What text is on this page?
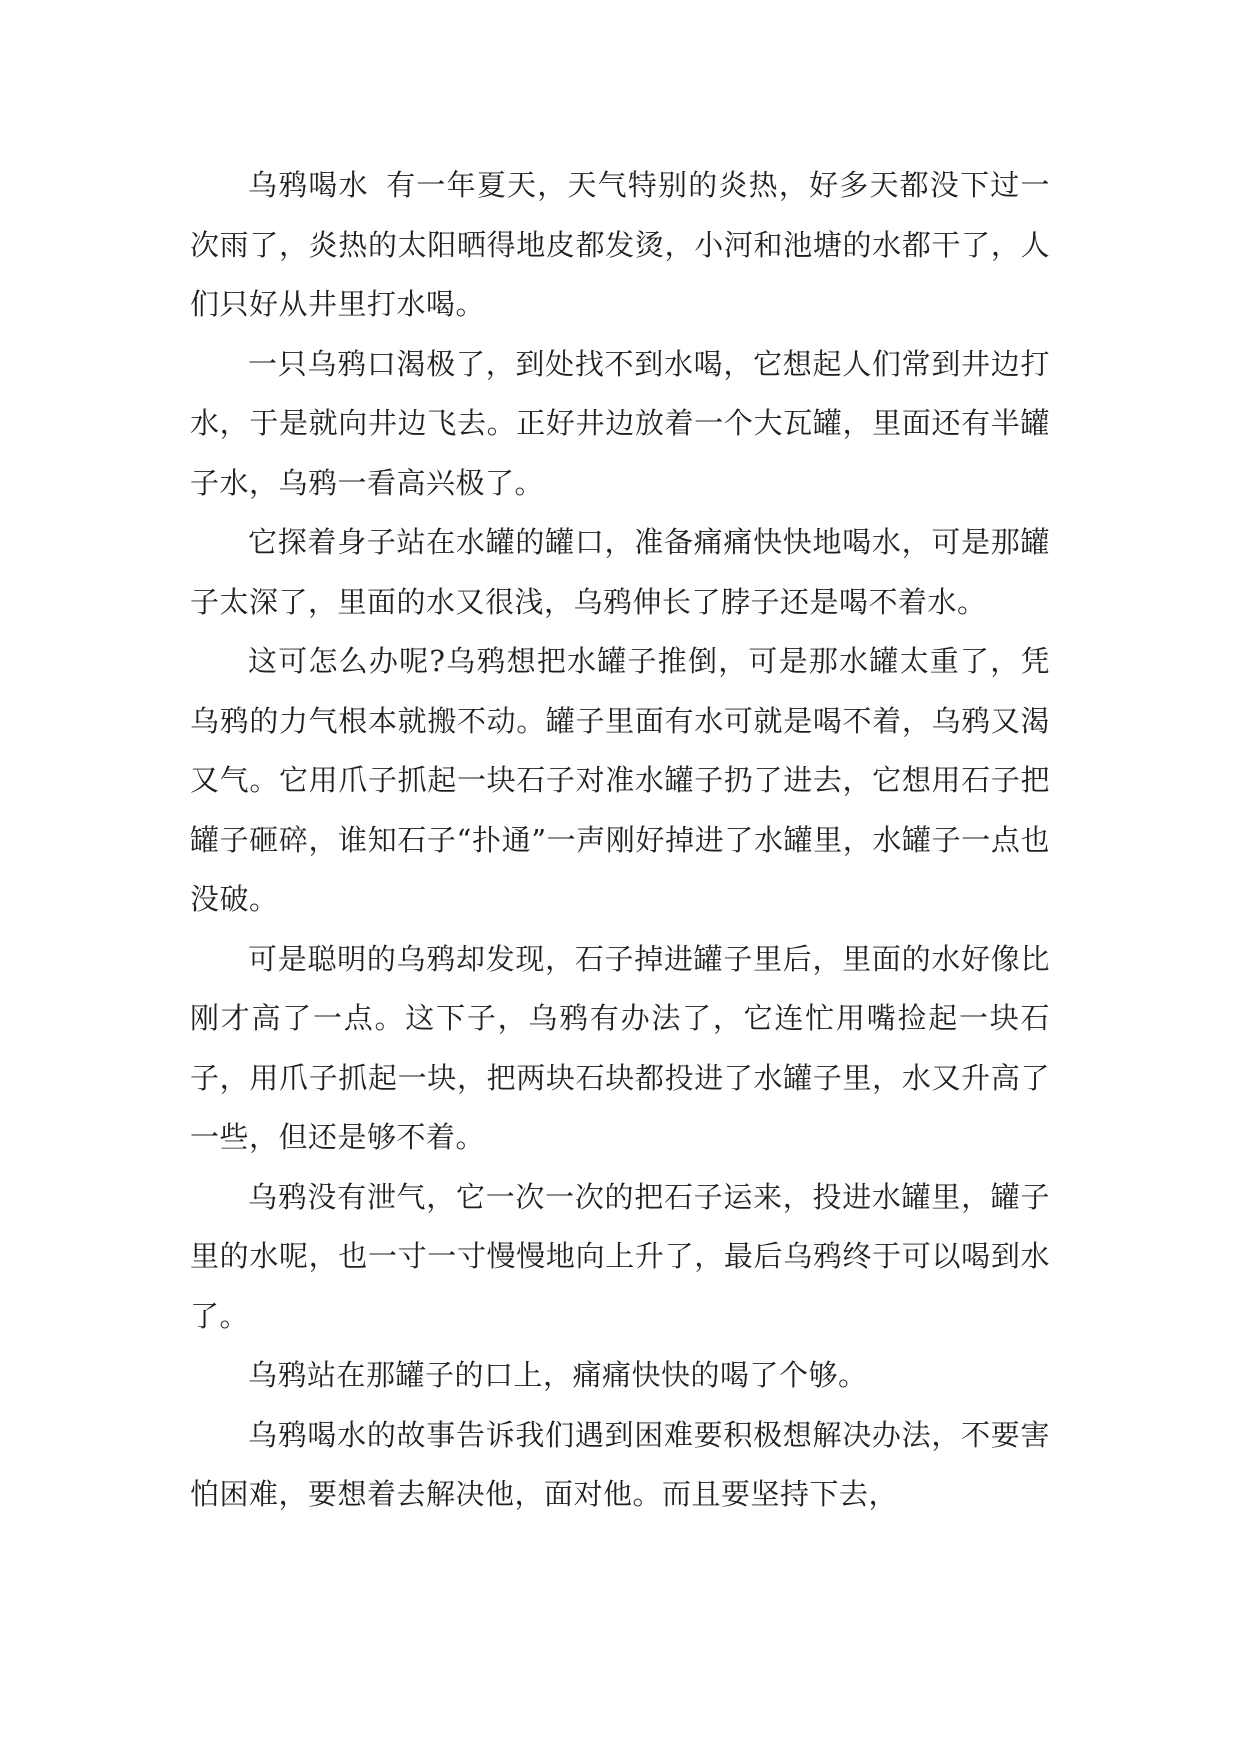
乌鸦喝水 有一年夏天，天气特别的炎热，好多天都没下过一次雨了，炎热的太阳晒得地皮都发烫，小河和池塘的水都干了，人们只好从井里打水喝。

一只乌鸦口渴极了，到处找不到水喝，它想起人们常到井边打水，于是就向井边飞去。正好井边放着一个大瓦罐，里面还有半罐子水，乌鸦一看高兴极了。

它探着身子站在水罐的罐口，准备痛痛快快地喝水，可是那罐子太深了，里面的水又很浅，乌鸦伸长了脖子还是喝不着水。

这可怎么办呢?乌鸦想把水罐子推倒，可是那水罐太重了，凭乌鸦的力气根本就搬不动。罐子里面有水可就是喝不着，乌鸦又渴又气。它用爪子抓起一块石子对准水罐子扔了进去，它想用石子把罐子砸碎，谁知石子“扑通”一声刚好掉进了水罐里，水罐子一点也没破。

可是聪明的乌鸦却发现，石子掉进罐子里后，里面的水好像比刚才高了一点。这下子，乌鸦有办法了，它连忙用嘴捡起一块石子，用爪子抓起一块，把两块石块都投进了水罐子里，水又升高了一些，但还是够不着。

乌鸦没有泄气，它一次一次的把石子运来，投进水罐里，罐子里的水呢，也一寸一寸慢慢地向上升了，最后乌鸦终于可以喝到水了。

乌鸦站在那罐子的口上，痛痛快快的喝了个够。

乌鸦喝水的故事告诉我们遇到困难要积极想解决办法，不要害怕困难，要想着去解决他，面对他。而且要坚持下去，
